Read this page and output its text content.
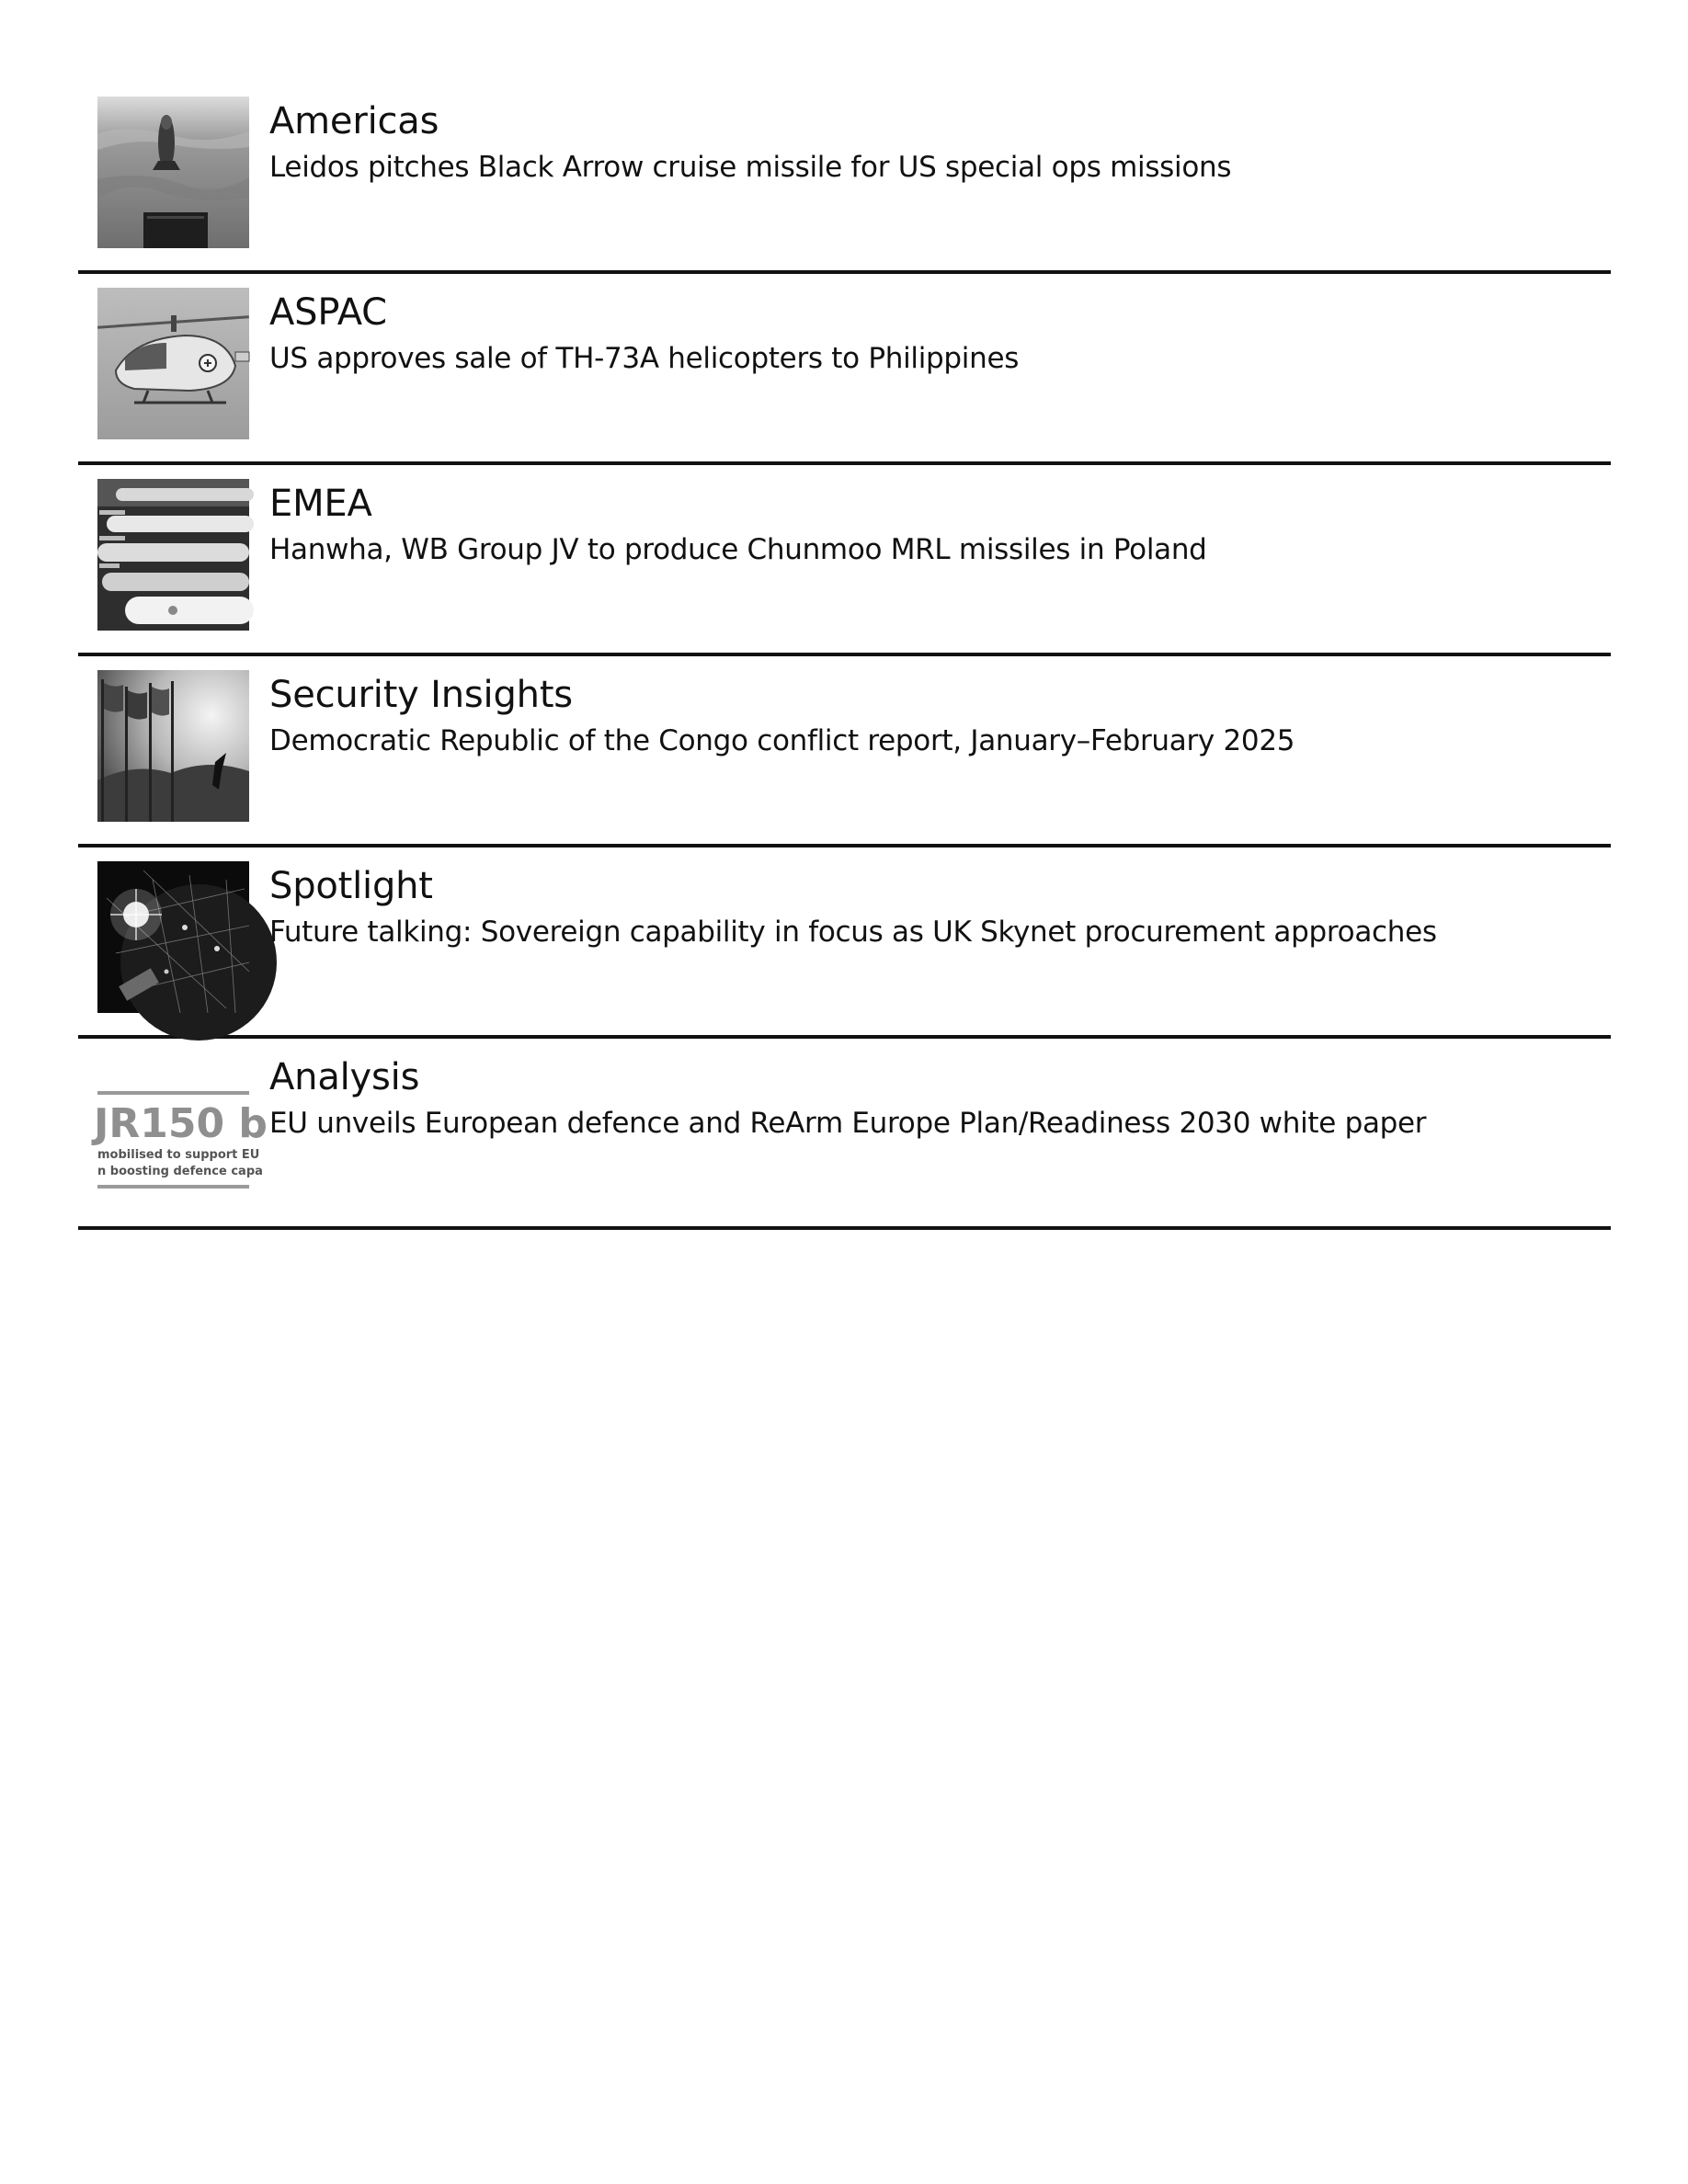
Americas
Leidos pitches Black Arrow cruise missile for US special ops missions
ASPAC
US approves sale of TH-73A helicopters to Philippines
EMEA
Hanwha, WB Group JV to produce Chunmoo MRL missiles in Poland
Security Insights
Democratic Republic of the Congo conflict report, January–February 2025
Spotlight
Future talking: Sovereign capability in focus as UK Skynet procurement approaches
JR150 b
mobilised to support EU
n boosting defence capa
Analysis
EU unveils European defence and ReArm Europe Plan/Readiness 2030 white paper
